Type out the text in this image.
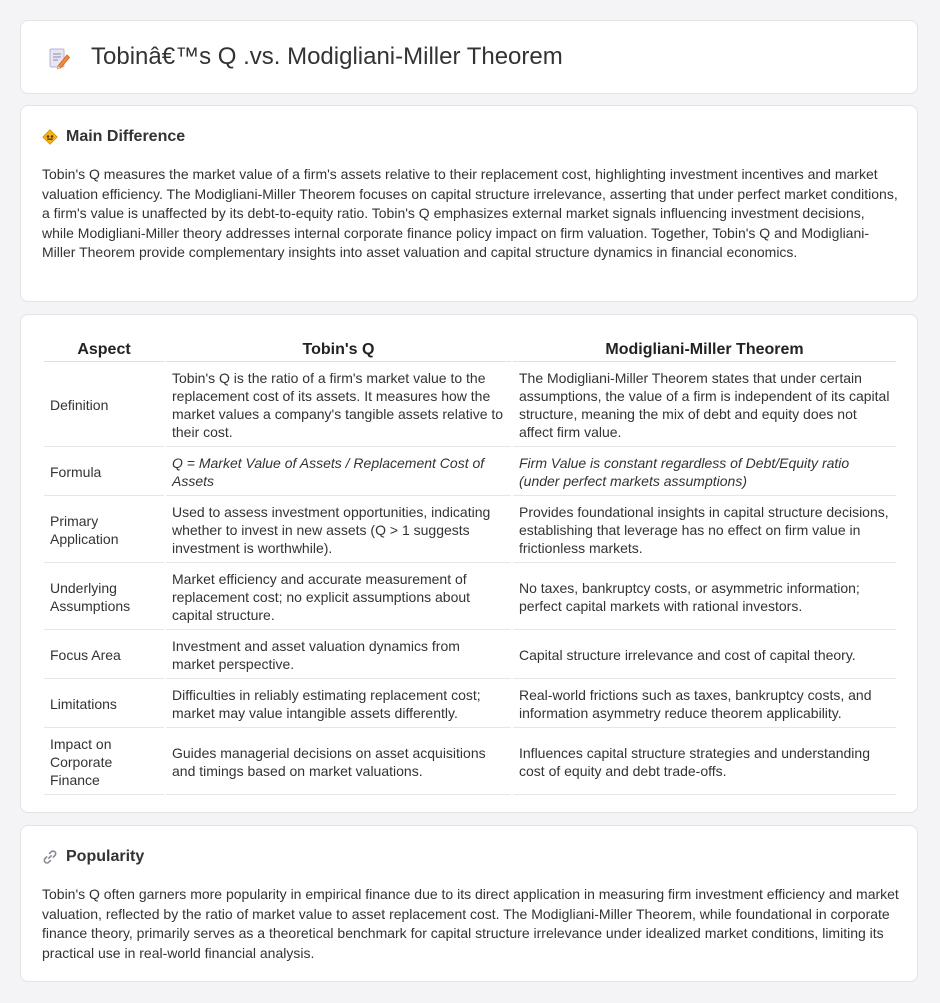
Tobinâ€™s Q .vs. Modigliani-Miller Theorem
Main Difference

Tobin's Q measures the market value of a firm's assets relative to their replacement cost, highlighting investment incentives and market valuation efficiency. The Modigliani-Miller Theorem focuses on capital structure irrelevance, asserting that under perfect market conditions, a firm's value is unaffected by its debt-to-equity ratio. Tobin's Q emphasizes external market signals influencing investment decisions, while Modigliani-Miller theory addresses internal corporate finance policy impact on firm valuation. Together, Tobin's Q and Modigliani-Miller Theorem provide complementary insights into asset valuation and capital structure dynamics in financial economics.

Aspect	Tobin's Q	Modigliani-Miller Theorem
Definition	Tobin's Q is the ratio of a firm's market value to the replacement cost of its assets. It measures how the market values a company's tangible assets relative to their cost.	The Modigliani-Miller Theorem states that under certain assumptions, the value of a firm is independent of its capital structure, meaning the mix of debt and equity does not affect firm value.
Formula	Q = Market Value of Assets / Replacement Cost of Assets	Firm Value is constant regardless of Debt/Equity ratio (under perfect markets assumptions)
Primary Application	Used to assess investment opportunities, indicating whether to invest in new assets (Q > 1 suggests investment is worthwhile).	Provides foundational insights in capital structure decisions, establishing that leverage has no effect on firm value in frictionless markets.
Underlying Assumptions	Market efficiency and accurate measurement of replacement cost; no explicit assumptions about capital structure.	No taxes, bankruptcy costs, or asymmetric information; perfect capital markets with rational investors.
Focus Area	Investment and asset valuation dynamics from market perspective.	Capital structure irrelevance and cost of capital theory.
Limitations	Difficulties in reliably estimating replacement cost; market may value intangible assets differently.	Real-world frictions such as taxes, bankruptcy costs, and information asymmetry reduce theorem applicability.
Impact on Corporate Finance	Guides managerial decisions on asset acquisitions and timings based on market valuations.	Influences capital structure strategies and understanding cost of equity and debt trade-offs.
Popularity

Tobin's Q often garners more popularity in empirical finance due to its direct application in measuring firm investment efficiency and market valuation, reflected by the ratio of market value to asset replacement cost. The Modigliani-Miller Theorem, while foundational in corporate finance theory, primarily serves as a theoretical benchmark for capital structure irrelevance under idealized market conditions, limiting its practical use in real-world financial analysis.
